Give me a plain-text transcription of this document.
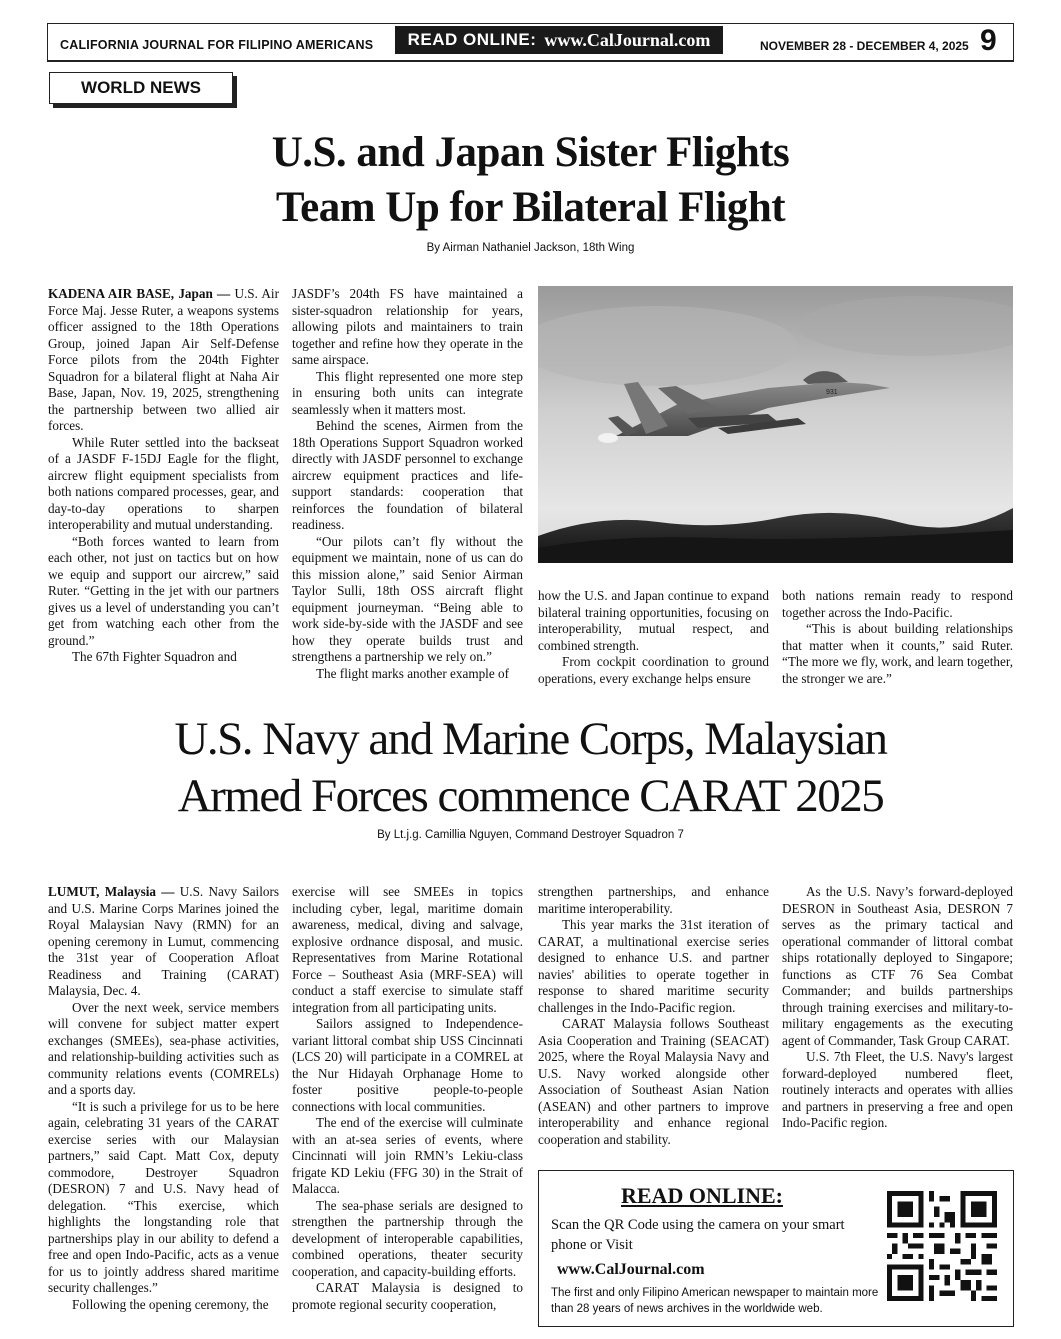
CALIFORNIA JOURNAL FOR FILIPINO AMERICANS READ ONLINE: www.CalJournal.com	NOVEMBER 28 - DECEMBER 4, 2025 9
WORLD NEWS
U.S. and Japan Sister Flights
Team Up for Bilateral Flight
By Airman Nathaniel Jackson, 18th Wing

KADENA AIR BASE, Japan — U.S. Air Force Maj. Jesse Ruter, a weapons systems officer assigned to the 18th Operations Group, joined Japan Air Self-Defense Force pilots from the 204th Fighter Squadron for a bilateral flight at Naha Air Base, Japan, Nov. 19, 2025, strengthening the partnership between two allied air forces.

While Ruter settled into the backseat of a JASDF F-15DJ Eagle for the flight, aircrew flight equipment specialists from both nations compared processes, gear, and day-to-day operations to sharpen interoperability and mutual understanding.

“Both forces wanted to learn from each other, not just on tactics but on how we equip and support our aircrew,” said Ruter. “Getting in the jet with our partners gives us a level of understanding you can’t get from watching each other from the ground.”

The 67th Fighter Squadron and

JASDF’s 204th FS have maintained a sister-squadron relationship for years, allowing pilots and maintainers to train together and refine how they operate in the same airspace.

This flight represented one more step in ensuring both units can integrate seamlessly when it matters most.

Behind the scenes, Airmen from the 18th Operations Support Squadron worked directly with JASDF personnel to exchange aircrew equipment practices and life-support standards: cooperation that reinforces the foundation of bilateral readiness.

“Our pilots can’t fly without the equipment we maintain, none of us can do this mission alone,” said Senior Airman Taylor Sulli, 18th OSS aircraft flight equipment journeyman. “Being able to work side-by-side with the JASDF and see how they operate builds trust and strengthens a partnership we rely on.”

The flight marks another example of

931

how the U.S. and Japan continue to expand bilateral training opportunities, focusing on interoperability, mutual respect, and combined strength.

From cockpit coordination to ground operations, every exchange helps ensure

both nations remain ready to respond together across the Indo-Pacific.

“This is about building relationships that matter when it counts,” said Ruter. “The more we fly, work, and learn together, the stronger we are.”

U.S. Navy and Marine Corps, Malaysian
Armed Forces commence CARAT 2025
By Lt.j.g. Camillia Nguyen, Command Destroyer Squadron 7

LUMUT, Malaysia — U.S. Navy Sailors and U.S. Marine Corps Marines joined the Royal Malaysian Navy (RMN) for an opening ceremony in Lumut, commencing the 31st year of Cooperation Afloat Readiness and Training (CARAT) Malaysia, Dec. 4.

Over the next week, service members will convene for subject matter expert exchanges (SMEEs), sea-phase activities, and relationship-building activities such as community relations events (COMRELs) and a sports day.

“It is such a privilege for us to be here again, celebrating 31 years of the CARAT exercise series with our Malaysian partners,” said Capt. Matt Cox, deputy commodore, Destroyer Squadron (DESRON) 7 and U.S. Navy head of delegation. “This exercise, which highlights the longstanding role that partnerships play in our ability to defend a free and open Indo-Pacific, acts as a venue for us to jointly address shared maritime security challenges.”

Following the opening ceremony, the

exercise will see SMEEs in topics including cyber, legal, maritime domain awareness, medical, diving and salvage, explosive ordnance disposal, and music. Representatives from Marine Rotational Force – Southeast Asia (MRF-SEA) will conduct a staff exercise to simulate staff integration from all participating units.

Sailors assigned to Independence-variant littoral combat ship USS Cincinnati (LCS 20) will participate in a COMREL at the Nur Hidayah Orphanage Home to foster positive people-to-people connections with local communities.

The end of the exercise will culminate with an at-sea series of events, where Cincinnati will join RMN’s Lekiu-class frigate KD Lekiu (FFG 30) in the Strait of Malacca.

The sea-phase serials are designed to strengthen the partnership through the development of interoperable capabilities, combined operations, theater security cooperation, and capacity-building efforts.

CARAT Malaysia is designed to promote regional security cooperation,

strengthen partnerships, and enhance maritime interoperability.

This year marks the 31st iteration of CARAT, a multinational exercise series designed to enhance U.S. and partner navies' abilities to operate together in response to shared maritime security challenges in the Indo-Pacific region.

CARAT Malaysia follows Southeast Asia Cooperation and Training (SEACAT) 2025, where the Royal Malaysia Navy and U.S. Navy worked alongside other Association of Southeast Asian Nation (ASEAN) and other partners to improve interoperability and enhance regional cooperation and stability.

As the U.S. Navy’s forward-deployed DESRON in Southeast Asia, DESRON 7 serves as the primary tactical and operational commander of littoral combat ships rotationally deployed to Singapore; functions as CTF 76 Sea Combat Commander; and builds partnerships through training exercises and military-to-military engagements as the executing agent of Commander, Task Group CARAT.

U.S. 7th Fleet, the U.S. Navy's largest forward-deployed numbered fleet, routinely interacts and operates with allies and partners in preserving a free and open Indo-Pacific region.

READ ONLINE:
Scan the QR Code using the camera on your smart phone or Visit
www.CalJournal.com
The first and only Filipino American newspaper to maintain more than 28 years of news archives in the worldwide web.
